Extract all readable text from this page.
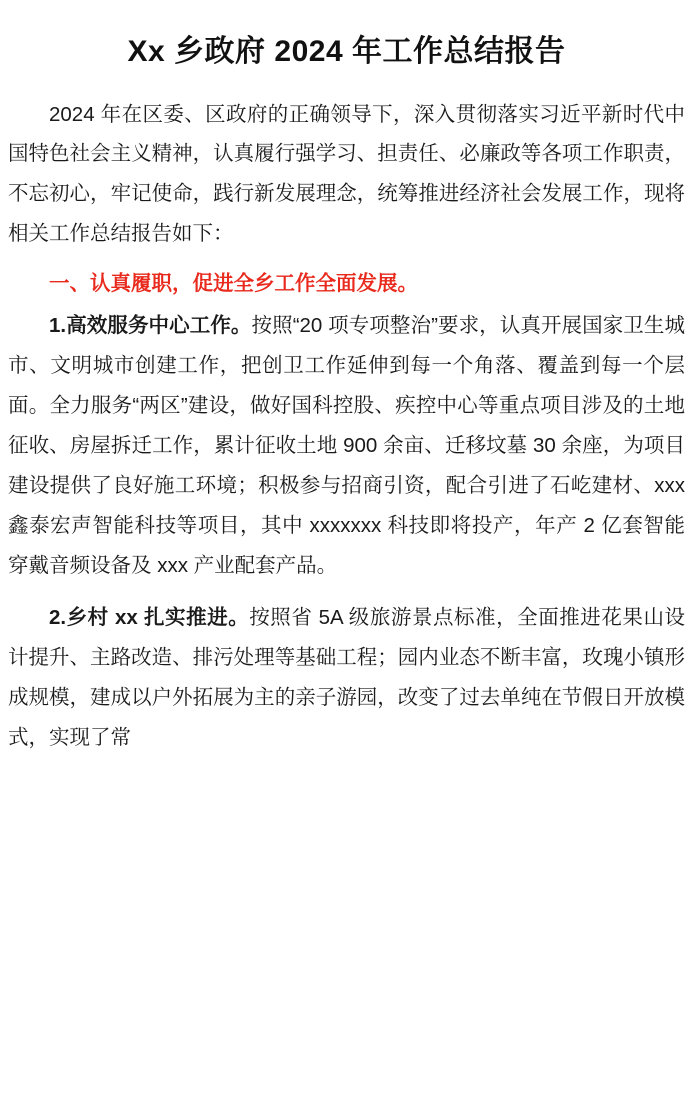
Xx 乡政府 2024 年工作总结报告

2024 年在区委、区政府的正确领导下，深入贯彻落实习近平新时代中国特色社会主义精神，认真履行强学习、担责任、必廉政等各项工作职责，不忘初心，牢记使命，践行新发展理念，统筹推进经济社会发展工作，现将相关工作总结报告如下：

一、认真履职，促进全乡工作全面发展。

1.高效服务中心工作。按照“20 项专项整治”要求，认真开展国家卫生城市、文明城市创建工作，把创卫工作延伸到每一个角落、覆盖到每一个层面。全力服务“两区”建设，做好国科控股、疾控中心等重点项目涉及的土地征收、房屋拆迁工作，累计征收土地 900 余亩、迁移坟墓 30 余座，为项目建设提供了良好施工环境；积极参与招商引资，配合引进了石屹建材、xxx 鑫泰宏声智能科技等项目，其中 xxxxxxx 科技即将投产，年产 2 亿套智能穿戴音频设备及 xxx 产业配套产品。

2.乡村 xx 扎实推进。按照省 5A 级旅游景点标准，全面推进花果山设计提升、主路改造、排污处理等基础工程；园内业态不断丰富，玫瑰小镇形成规模，建成以户外拓展为主的亲子游园，改变了过去单纯在节假日开放模式，实现了常
